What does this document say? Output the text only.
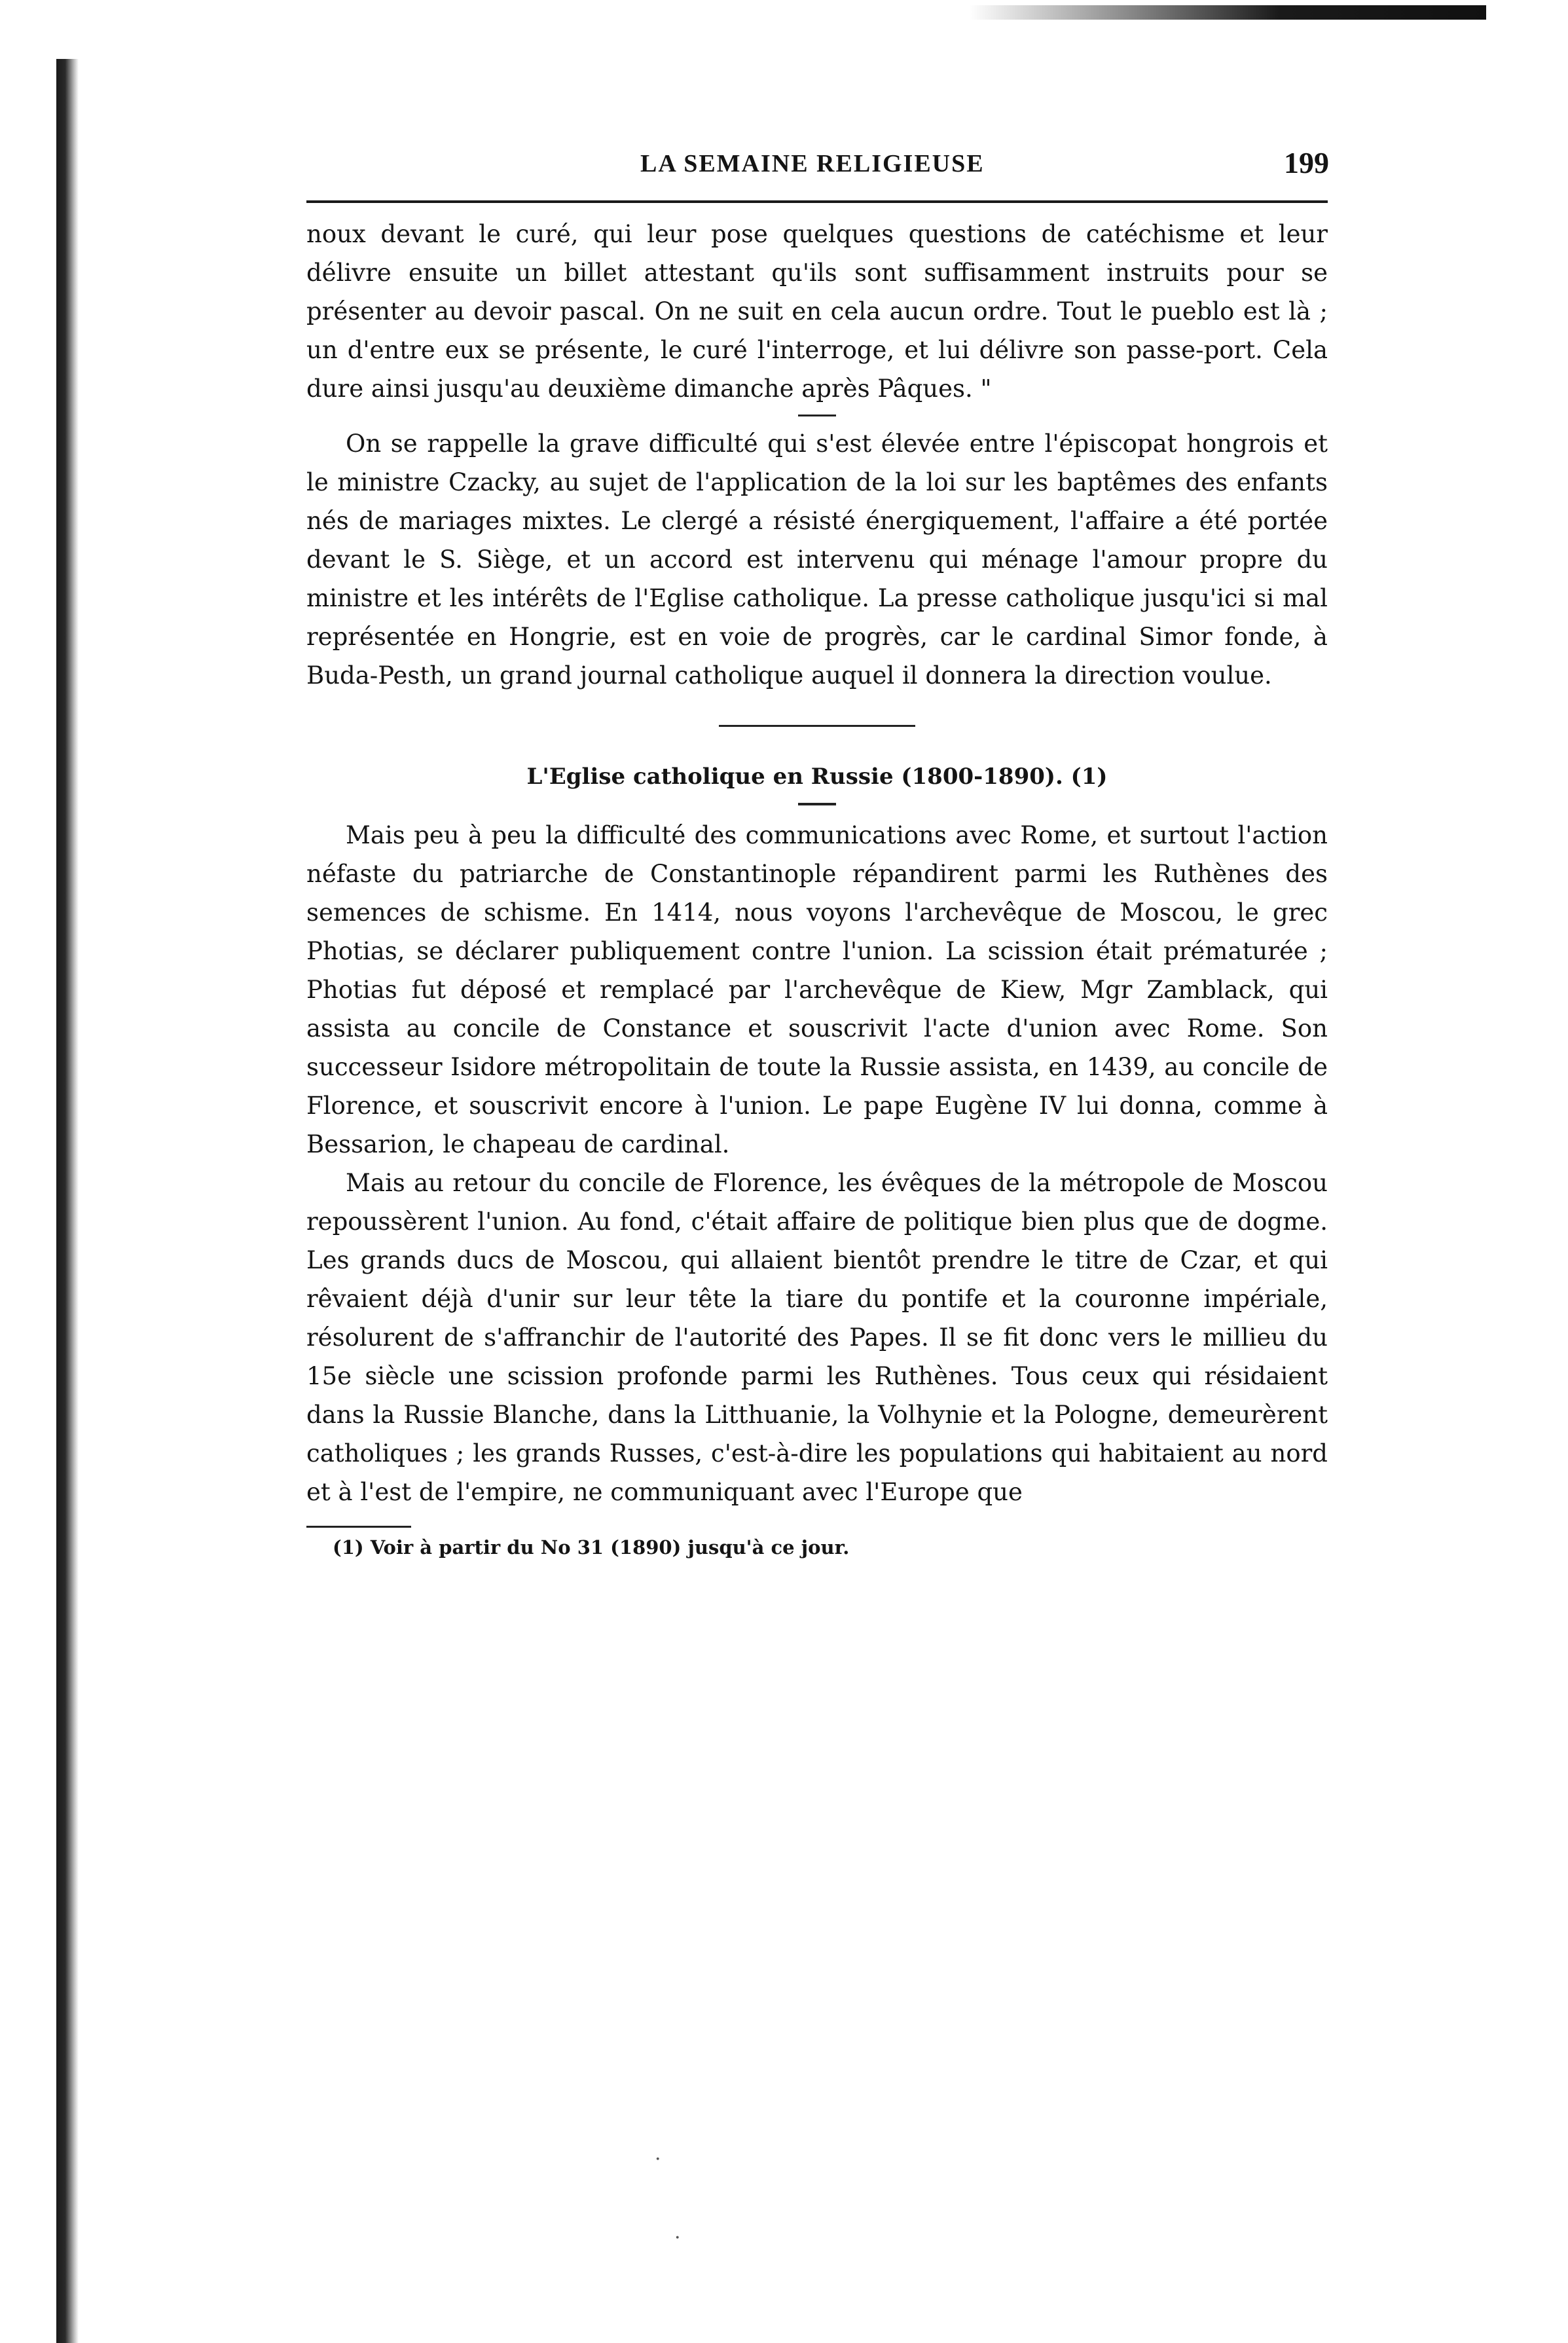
LA SEMAINE RELIGIEUSE	199

noux devant le curé, qui leur pose quelques questions de catéchisme et leur délivre ensuite un billet attestant qu'ils sont suffisamment instruits pour se présenter au devoir pascal. On ne suit en cela aucun ordre. Tout le pueblo est là ; un d'entre eux se présente, le curé l'interroge, et lui délivre son passe-port. Cela dure ainsi jusqu'au deuxième dimanche après Pâques. "

On se rappelle la grave difficulté qui s'est élevée entre l'épiscopat hongrois et le ministre Czacky, au sujet de l'application de la loi sur les baptêmes des enfants nés de mariages mixtes. Le clergé a résisté énergiquement, l'affaire a été portée devant le S. Siège, et un accord est intervenu qui ménage l'amour propre du ministre et les intérêts de l'Eglise catholique. La presse catholique jusqu'ici si mal représentée en Hongrie, est en voie de progrès, car le cardinal Simor fonde, à Buda-Pesth, un grand journal catholique auquel il donnera la direction voulue.

L'Eglise catholique en Russie (1800-1890). (1)

Mais peu à peu la difficulté des communications avec Rome, et surtout l'action néfaste du patriarche de Constantinople répandirent parmi les Ruthènes des semences de schisme. En 1414, nous voyons l'archevêque de Moscou, le grec Photias, se déclarer publiquement contre l'union. La scission était prématurée ; Photias fut déposé et remplacé par l'archevêque de Kiew, Mgr Zamblack, qui assista au concile de Constance et souscrivit l'acte d'union avec Rome. Son successeur Isidore métropolitain de toute la Russie assista, en 1439, au concile de Florence, et souscrivit encore à l'union. Le pape Eugène IV lui donna, comme à Bessarion, le chapeau de cardinal.

Mais au retour du concile de Florence, les évêques de la métropole de Moscou repoussèrent l'union. Au fond, c'était affaire de politique bien plus que de dogme. Les grands ducs de Moscou, qui allaient bientôt prendre le titre de Czar, et qui rêvaient déjà d'unir sur leur tête la tiare du pontife et la couronne impériale, résolurent de s'affranchir de l'autorité des Papes. Il se fit donc vers le millieu du 15e siècle une scission profonde parmi les Ruthènes. Tous ceux qui résidaient dans la Russie Blanche, dans la Litthuanie, la Volhynie et la Pologne, demeurèrent catholiques ; les grands Russes, c'est-à-dire les populations qui habitaient au nord et à l'est de l'empire, ne communiquant avec l'Europe que

(1) Voir à partir du No 31 (1890) jusqu'à ce jour.
·
·
